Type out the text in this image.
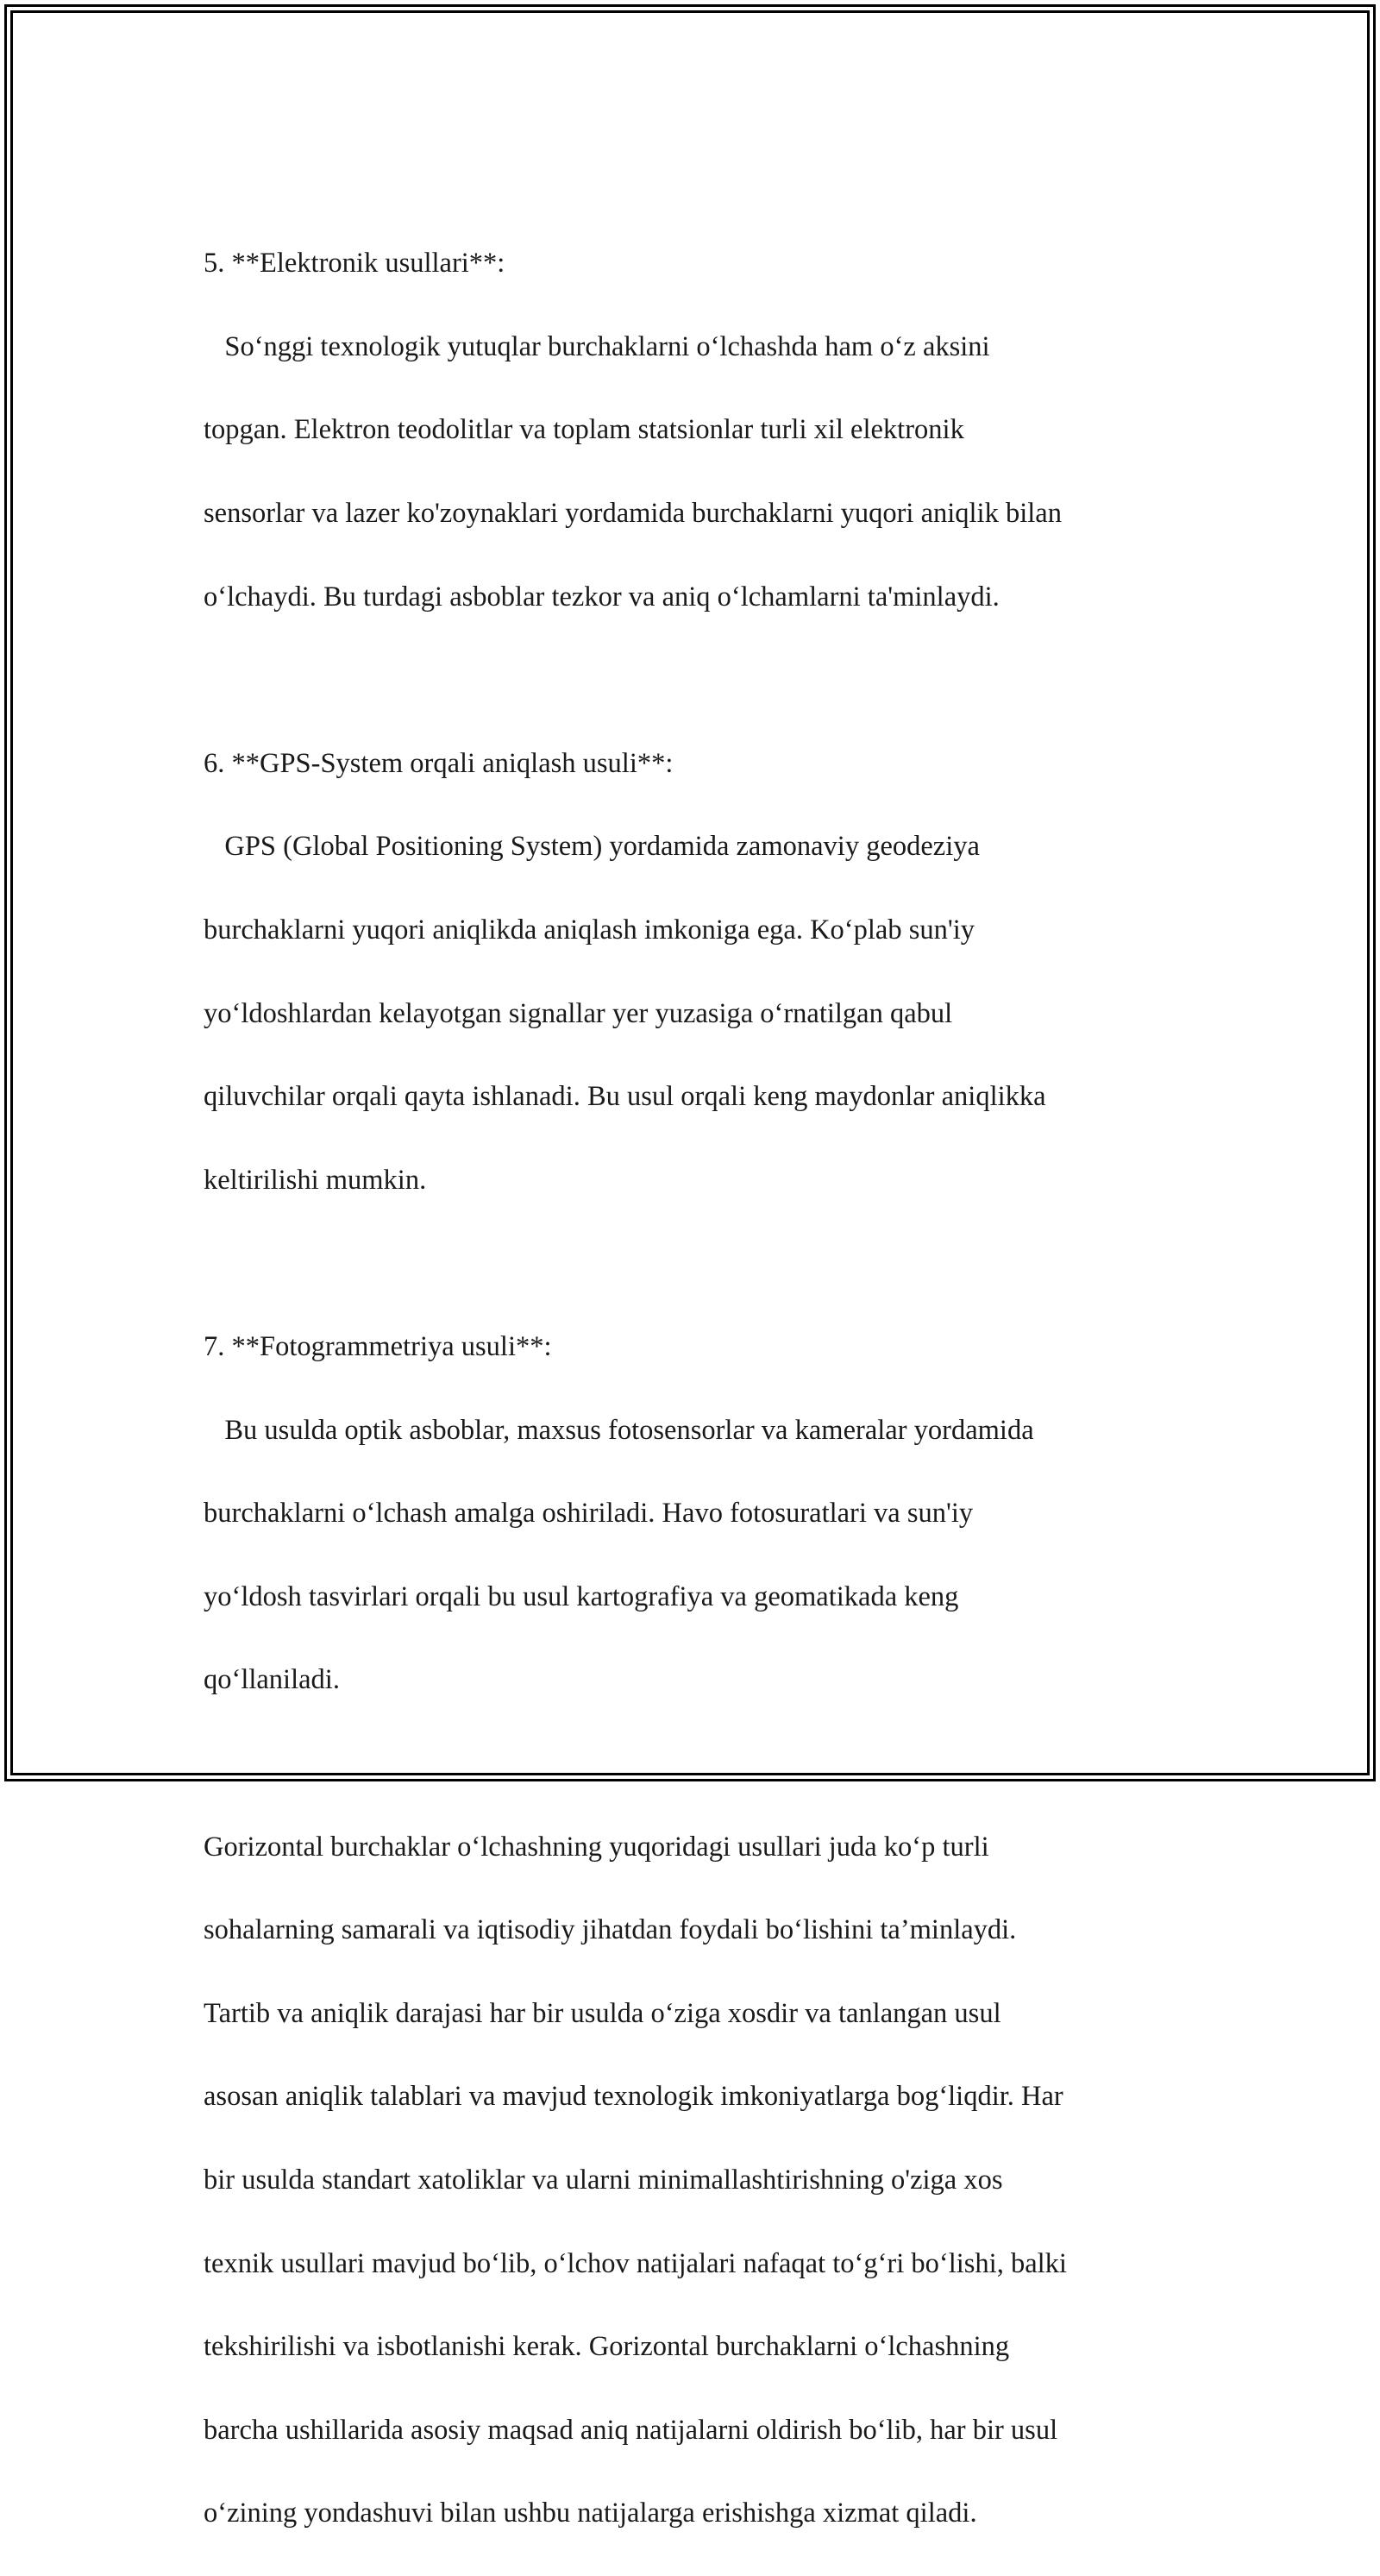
5. **Elektronik usullari**:

So‘nggi texnologik yutuqlar burchaklarni o‘lchashda ham o‘z aksini

topgan. Elektron teodolitlar va toplam statsionlar turli xil elektronik

sensorlar va lazer ko'zoynaklari yordamida burchaklarni yuqori aniqlik bilan

o‘lchaydi. Bu turdagi asboblar tezkor va aniq o‘lchamlarni ta'minlaydi.

6. **GPS-System orqali aniqlash usuli**:

GPS (Global Positioning System) yordamida zamonaviy geodeziya

burchaklarni yuqori aniqlikda aniqlash imkoniga ega. Ko‘plab sun'iy

yo‘ldoshlardan kelayotgan signallar yer yuzasiga o‘rnatilgan qabul

qiluvchilar orqali qayta ishlanadi. Bu usul orqali keng maydonlar aniqlikka

keltirilishi mumkin.

7. **Fotogrammetriya usuli**:

Bu usulda optik asboblar, maxsus fotosensorlar va kameralar yordamida

burchaklarni o‘lchash amalga oshiriladi. Havo fotosuratlari va sun'iy

yo‘ldosh tasvirlari orqali bu usul kartografiya va geomatikada keng

qo‘llaniladi.

Gorizontal burchaklar o‘lchashning yuqoridagi usullari juda ko‘p turli

sohalarning samarali va iqtisodiy jihatdan foydali bo‘lishini ta’minlaydi.

Tartib va aniqlik darajasi har bir usulda o‘ziga xosdir va tanlangan usul

asosan aniqlik talablari va mavjud texnologik imkoniyatlarga bog‘liqdir. Har

bir usulda standart xatoliklar va ularni minimallashtirishning o'ziga xos

texnik usullari mavjud bo‘lib, o‘lchov natijalari nafaqat to‘g‘ri bo‘lishi, balki

tekshirilishi va isbotlanishi kerak. Gorizontal burchaklarni o‘lchashning

barcha ushillarida asosiy maqsad aniq natijalarni oldirish bo‘lib, har bir usul

o‘zining yondashuvi bilan ushbu natijalarga erishishga xizmat qiladi.
